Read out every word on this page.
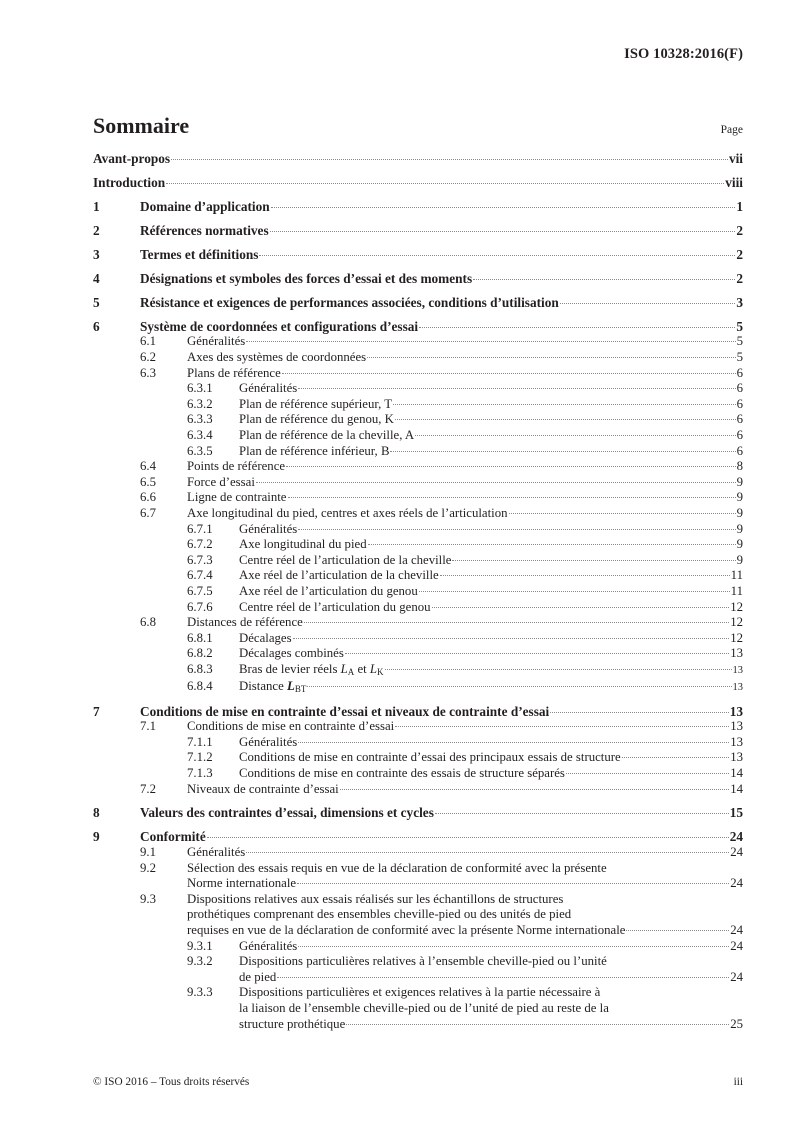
ISO 10328:2016(F)
Sommaire	Page
Avant-propos	vii
Introduction	viii
1	Domaine d’application	1
2	Références normatives	2
3	Termes et définitions	2
4	Désignations et symboles des forces d’essai et des moments	2
5	Résistance et exigences de performances associées, conditions d’utilisation	3
6	Système de coordonnées et configurations d’essai	5
6.1	Généralités	5
6.2	Axes des systèmes de coordonnées	5
6.3	Plans de référence	6
6.3.1	Généralités	6
6.3.2	Plan de référence supérieur, T	6
6.3.3	Plan de référence du genou, K	6
6.3.4	Plan de référence de la cheville, A	6
6.3.5	Plan de référence inférieur, B	6
6.4	Points de référence	8
6.5	Force d’essai	9
6.6	Ligne de contrainte	9
6.7	Axe longitudinal du pied, centres et axes réels de l’articulation	9
6.7.1	Généralités	9
6.7.2	Axe longitudinal du pied	9
6.7.3	Centre réel de l’articulation de la cheville	9
6.7.4	Axe réel de l’articulation de la cheville	11
6.7.5	Axe réel de l’articulation du genou	11
6.7.6	Centre réel de l’articulation du genou	12
6.8	Distances de référence	12
6.8.1	Décalages	12
6.8.2	Décalages combinés	13
6.8.3	Bras de levier réels $L_A$ et $L_K$	13
6.8.4	Distance $L_{BT}$	13
7	Conditions de mise en contrainte d’essai et niveaux de contrainte d’essai	13
7.1	Conditions de mise en contrainte d’essai	13
7.1.1	Généralités	13
7.1.2	Conditions de mise en contrainte d’essai des principaux essais de structure	13
7.1.3	Conditions de mise en contrainte des essais de structure séparés	14
7.2	Niveaux de contrainte d’essai	14
8	Valeurs des contraintes d’essai, dimensions et cycles	15
9	Conformité	24
9.1	Généralités	24
9.2	Sélection des essais requis en vue de la déclaration de conformité avec la présente
Norme internationale	24
9.3	Dispositions relatives aux essais réalisés sur les échantillons de structures
prothétiques comprenant des ensembles cheville-pied ou des unités de pied
requises en vue de la déclaration de conformité avec la présente Norme internationale	24
9.3.1	Généralités	24
9.3.2	Dispositions particulières relatives à l’ensemble cheville-pied ou l’unité
de pied	24
9.3.3	Dispositions particulières et exigences relatives à la partie nécessaire à
la liaison de l’ensemble cheville-pied ou de l’unité de pied au reste de la
structure prothétique	25
© ISO 2016 – Tous droits réservés	iii
